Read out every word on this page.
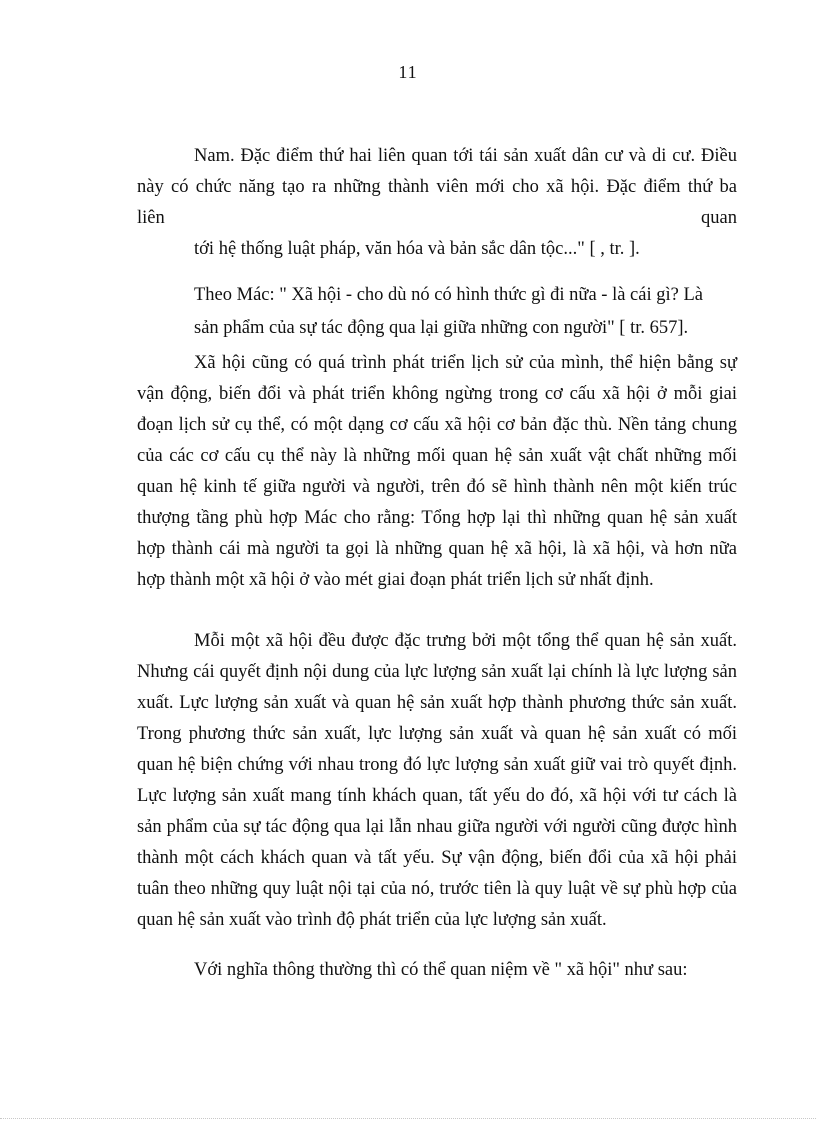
11

Nam. Đặc điểm thứ hai liên quan tới tái sản xuất dân cư và di cư. Điều

này có chức năng tạo ra những thành viên mới cho xã hội. Đặc điểm thứ ba

liên	quan
tới hệ thống luật pháp, văn hóa và bản sắc dân tộc..." [ , tr. ].
Theo Mác: " Xã hội - cho dù nó có hình thức gì đi nữa - là cái gì? Là
sản phẩm của sự tác động qua lại giữa những con người" [ tr. 657].

Xã hội cũng có quá trình phát triển lịch sử của mình, thể hiện bằng sự vận động, biến đổi và phát triển không ngừng trong cơ cấu xã hội ở mỗi giai đoạn lịch sử cụ thể, có một dạng cơ cấu xã hội cơ bản đặc thù. Nền tảng chung của các cơ cấu cụ thể này là những mối quan hệ sản xuất vật chất những mối quan hệ kinh tế giữa người và người, trên đó sẽ hình thành nên một kiến trúc thượng tầng phù hợp Mác cho rằng: Tổng hợp lại thì những quan hệ sản xuất hợp thành cái mà người ta gọi là những quan hệ xã hội, là xã hội, và hơn nữa hợp thành một xã hội ở vào mét giai đoạn phát triển lịch sử nhất định.

Mỗi một xã hội đều được đặc trưng bởi một tổng thể quan hệ sản xuất. Nhưng cái quyết định nội dung của lực lượng sản xuất lại chính là lực lượng sản xuất. Lực lượng sản xuất và quan hệ sản xuất hợp thành phương thức sản xuất. Trong phương thức sản xuất, lực lượng sản xuất và quan hệ sản xuất có mối quan hệ biện chứng với nhau trong đó lực lượng sản xuất giữ vai trò quyết định. Lực lượng sản xuất mang tính khách quan, tất yếu do đó, xã hội với tư cách là sản phẩm của sự tác động qua lại lẫn nhau giữa người với người cũng được hình thành một cách khách quan và tất yếu. Sự vận động, biến đổi của xã hội phải tuân theo những quy luật nội tại của nó, trước tiên là quy luật về sự phù hợp của quan hệ sản xuất vào trình độ phát triển của lực lượng sản xuất.

Với nghĩa thông thường thì có thể quan niệm về " xã hội" như sau:
